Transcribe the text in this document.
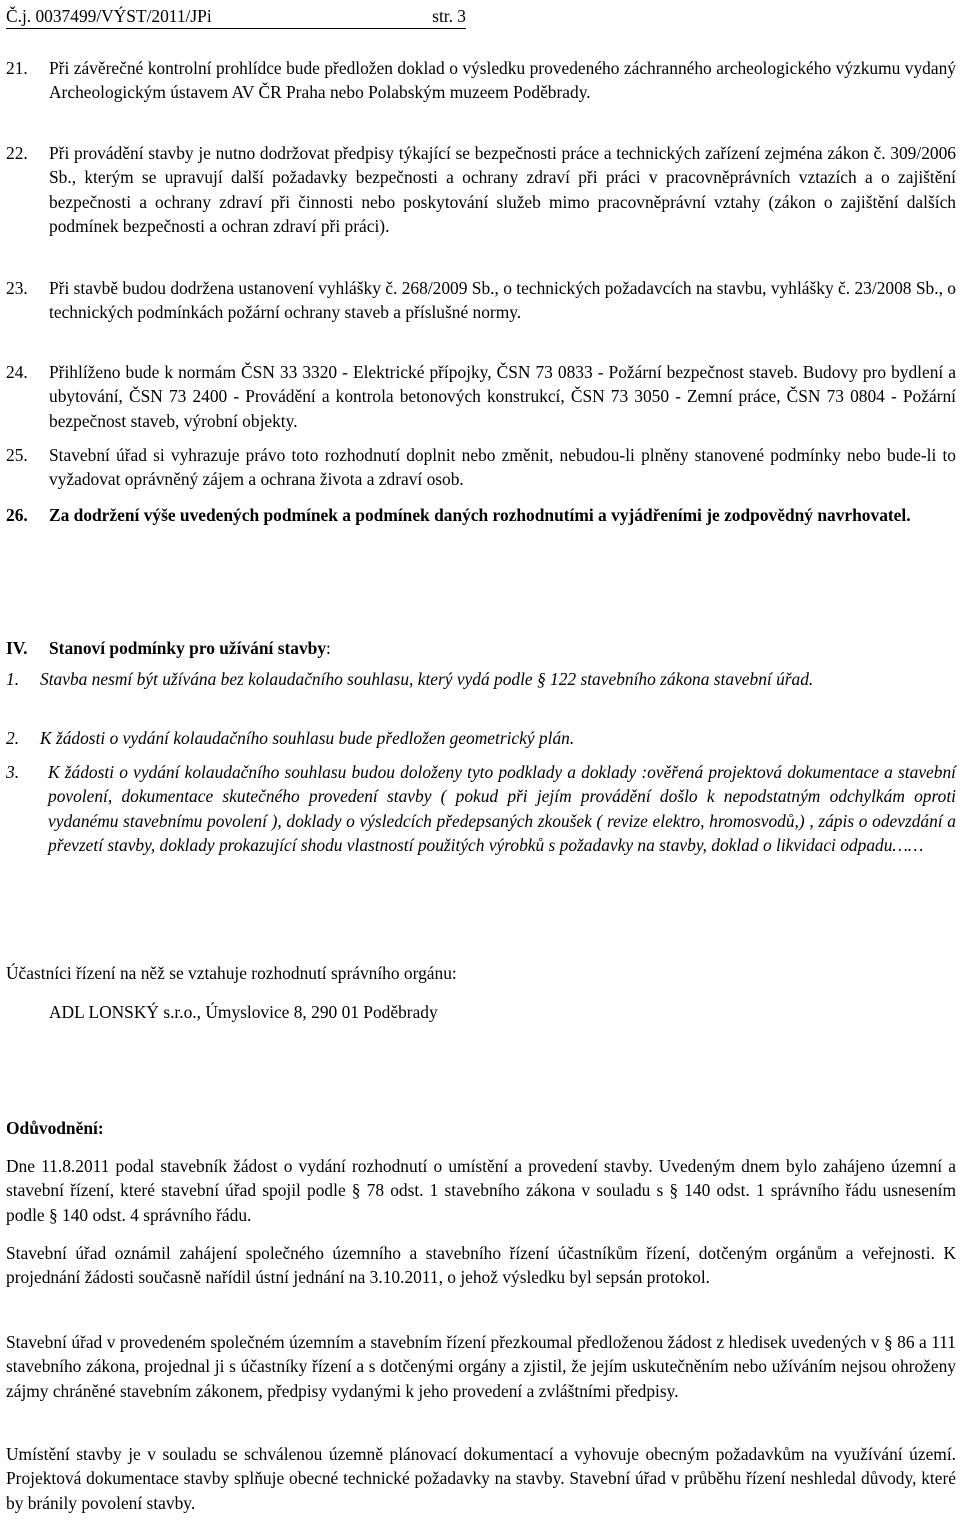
Č.j. 0037499/VÝST/2011/JPi	str. 3
21.	Při závěrečné kontrolní prohlídce bude předložen doklad o výsledku provedeného záchranného archeologického výzkumu vydaný Archeologickým ústavem AV ČR Praha nebo Polabským muzeem Poděbrady.
22.	Při provádění stavby je nutno dodržovat předpisy týkající se bezpečnosti práce a technických zařízení zejména zákon č. 309/2006 Sb., kterým se upravují další požadavky bezpečnosti a ochrany zdraví při práci v pracovněprávních vztazích a o zajištění bezpečnosti a ochrany zdraví při činnosti nebo poskytování služeb mimo pracovněprávní vztahy (zákon o zajištění dalších podmínek bezpečnosti a ochran zdraví při práci).
23.	Při stavbě budou dodržena ustanovení vyhlášky č. 268/2009 Sb., o technických požadavcích na stavbu, vyhlášky č. 23/2008 Sb., o technických podmínkách požární ochrany staveb a příslušné normy.
24.	Přihlíženo bude k normám ČSN 33 3320 - Elektrické přípojky, ČSN 73 0833 - Požární bezpečnost staveb. Budovy pro bydlení a ubytování, ČSN 73 2400 - Provádění a kontrola betonových konstrukcí, ČSN 73 3050 - Zemní práce, ČSN 73 0804 - Požární bezpečnost staveb, výrobní objekty.
25.	Stavební úřad si vyhrazuje právo toto rozhodnutí doplnit nebo změnit, nebudou-li plněny stanovené podmínky nebo bude-li to vyžadovat oprávněný zájem a ochrana života a zdraví osob.
26.	Za dodržení výše uvedených podmínek a podmínek daných rozhodnutími a vyjádřeními je zodpovědný navrhovatel.
IV.	Stanoví podmínky pro užívání stavby:
1.	Stavba nesmí být užívána bez kolaudačního souhlasu, který vydá podle § 122 stavebního zákona stavební úřad.
2.	K žádosti o vydání kolaudačního souhlasu bude předložen geometrický plán.
3.	K žádosti o vydání kolaudačního souhlasu budou doloženy tyto podklady a doklady :ověřená projektová dokumentace a stavební povolení, dokumentace skutečného provedení stavby ( pokud při jejím provádění došlo k nepodstatným odchylkám oproti vydanému stavebnímu povolení ), doklady o výsledcích předepsaných zkoušek ( revize elektro, hromosvodů,) , zápis o odevzdání a převzetí stavby, doklady prokazující shodu vlastností použitých výrobků s požadavky na stavby, doklad o likvidaci odpadu……
Účastníci řízení na něž se vztahuje rozhodnutí správního orgánu:
ADL LONSKÝ s.r.o., Úmyslovice 8, 290 01 Poděbrady
Odůvodnění:

Dne 11.8.2011 podal stavebník žádost o vydání rozhodnutí o umístění a provedení stavby. Uvedeným dnem bylo zahájeno územní a stavební řízení, které stavební úřad spojil podle § 78 odst. 1 stavebního zákona v souladu s § 140 odst. 1 správního řádu usnesením podle § 140 odst. 4 správního řádu.

Stavební úřad oznámil zahájení společného územního a stavebního řízení účastníkům řízení, dotčeným orgánům a veřejnosti. K projednání žádosti současně nařídil ústní jednání na 3.10.2011, o jehož výsledku byl sepsán protokol.

Stavební úřad v provedeném společném územním a stavebním řízení přezkoumal předloženou žádost z hledisek uvedených v § 86 a 111 stavebního zákona, projednal ji s účastníky řízení a s dotčenými orgány a zjistil, že jejím uskutečněním nebo užíváním nejsou ohroženy zájmy chráněné stavebním zákonem, předpisy vydanými k jeho provedení a zvláštními předpisy.

Umístění stavby je v souladu se schválenou územně plánovací dokumentací a vyhovuje obecným požadavkům na využívání území. Projektová dokumentace stavby splňuje obecné technické požadavky na stavby. Stavební úřad v průběhu řízení neshledal důvody, které by bránily povolení stavby.
